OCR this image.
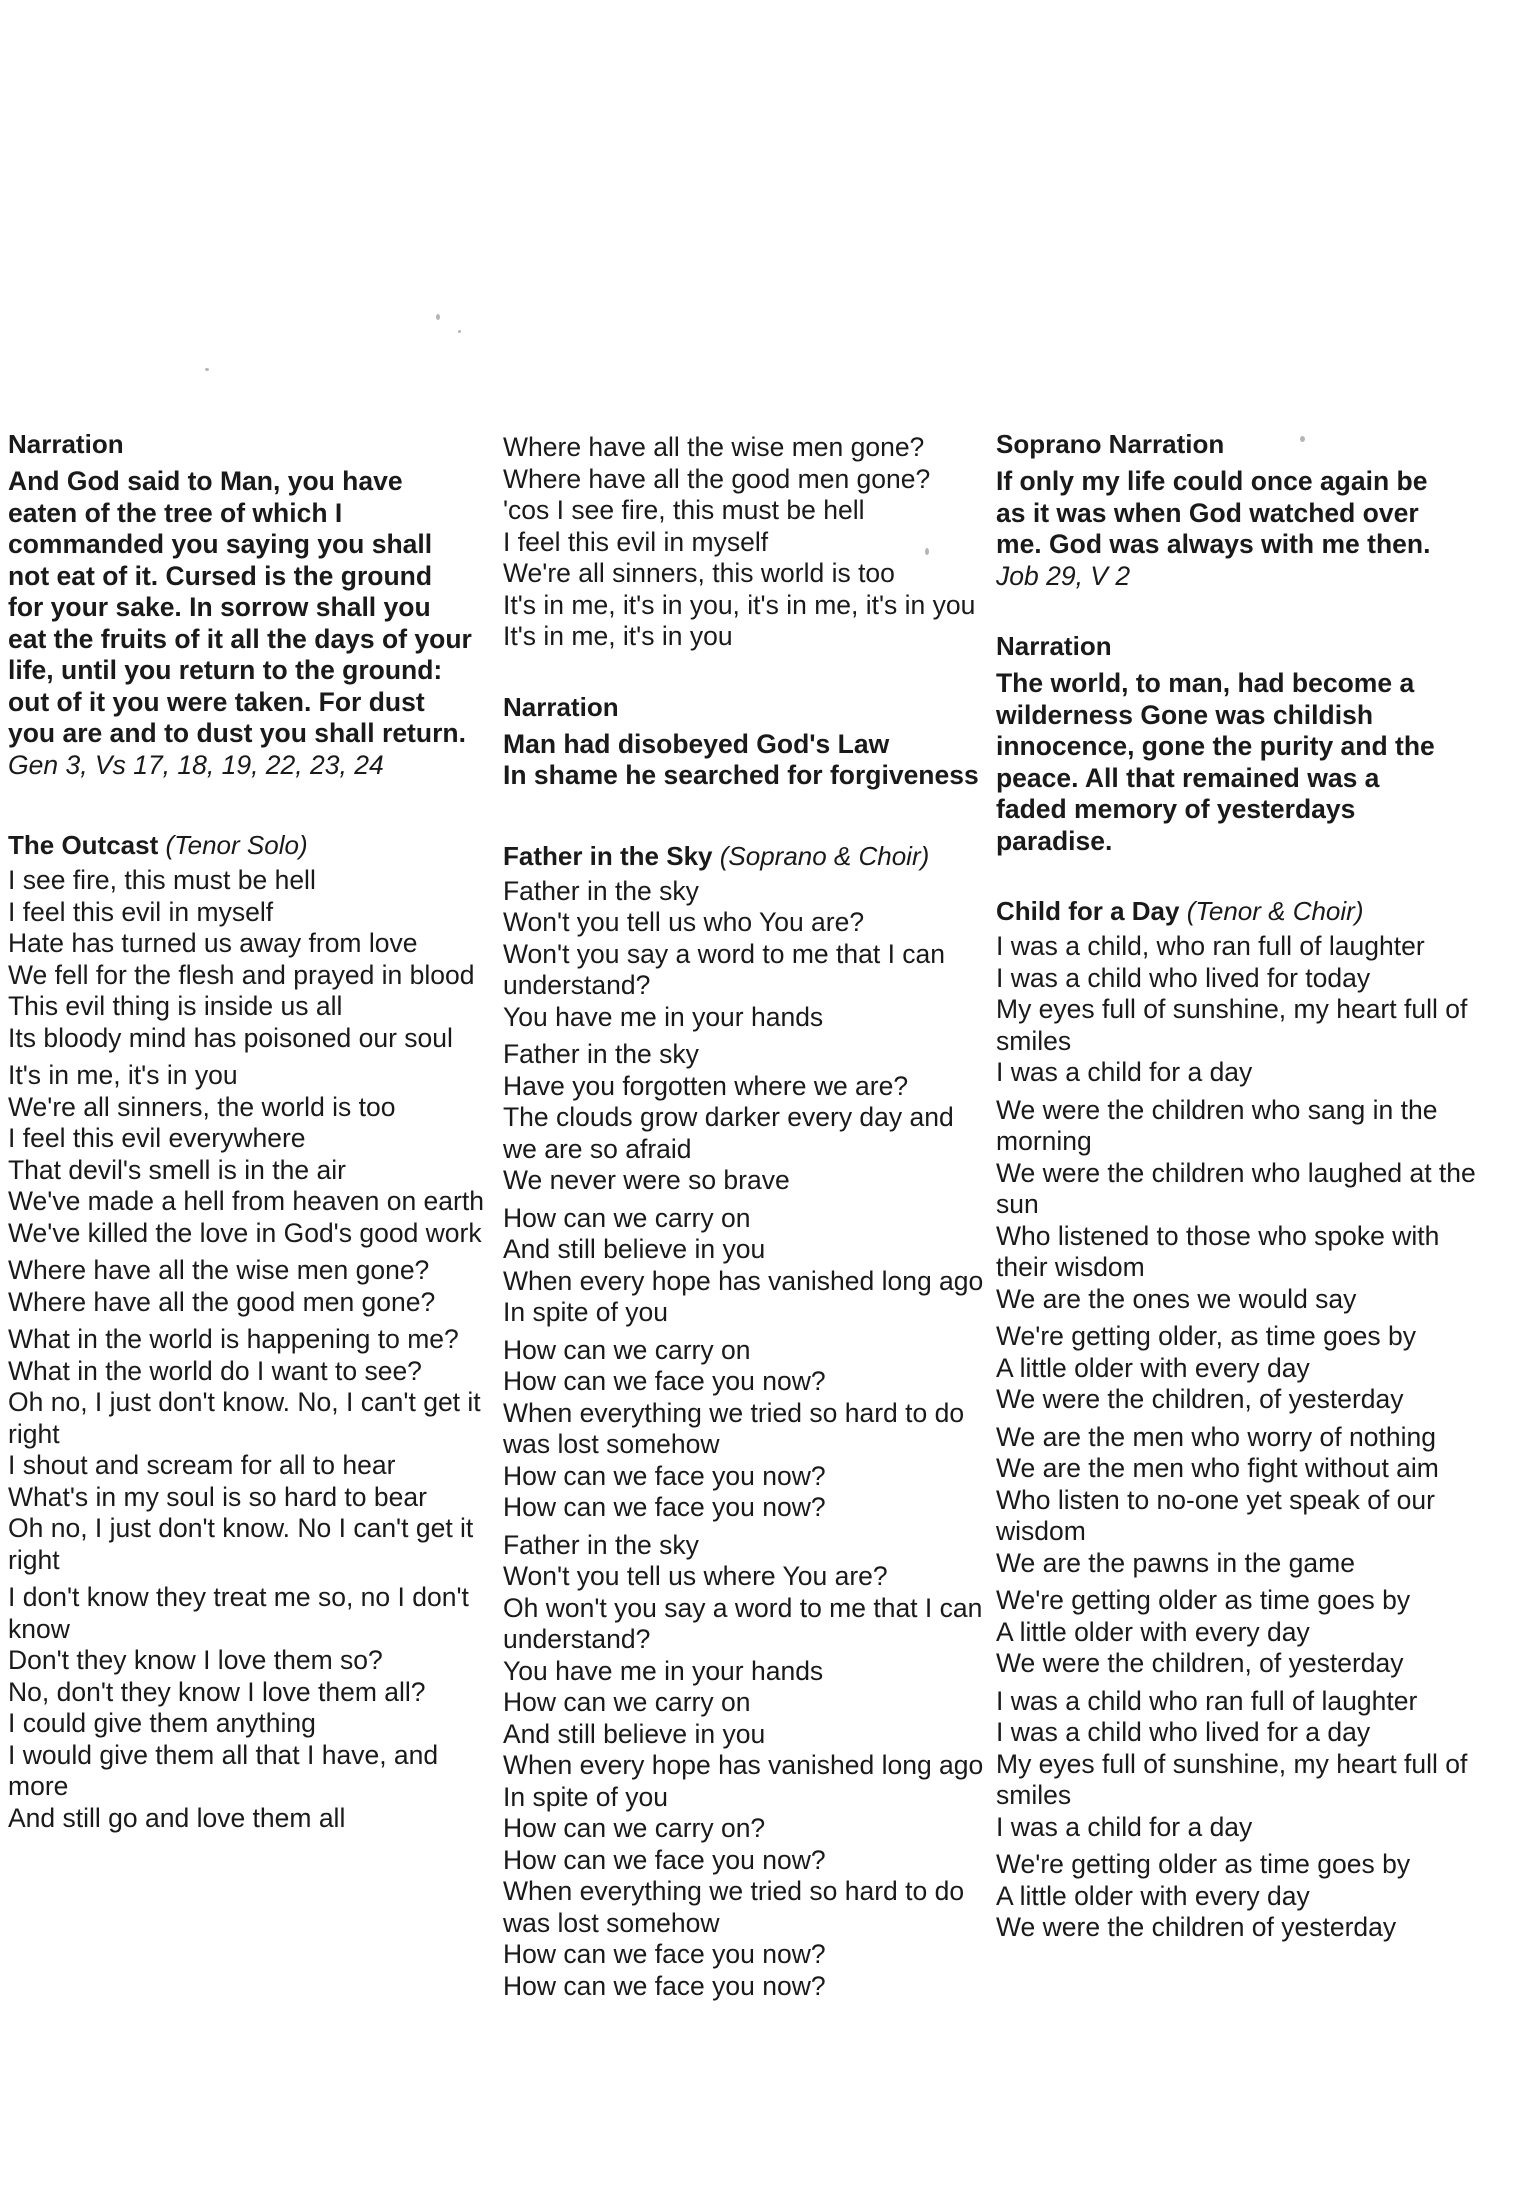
Narration

And God said to Man, you have

eaten of the tree of which I

commanded you saying you shall

not eat of it. Cursed is the ground

for your sake. In sorrow shall you

eat the fruits of it all the days of your

life, until you return to the ground:

out of it you were taken. For dust

you are and to dust you shall return.

Gen 3, Vs 17, 18, 19, 22, 23, 24

The Outcast (Tenor Solo)

I see fire, this must be hell

I feel this evil in myself

Hate has turned us away from love

We fell for the flesh and prayed in blood

This evil thing is inside us all

Its bloody mind has poisoned our soul

It's in me, it's in you

We're all sinners, the world is too

I feel this evil everywhere

That devil's smell is in the air

We've made a hell from heaven on earth

We've killed the love in God's good work

Where have all the wise men gone?

Where have all the good men gone?

What in the world is happening to me?

What in the world do I want to see?

Oh no, I just don't know. No, I can't get it right

I shout and scream for all to hear

What's in my soul is so hard to bear

Oh no, I just don't know. No I can't get it right

I don't know they treat me so, no I don't know

Don't they know I love them so?

No, don't they know I love them all?

I could give them anything

I would give them all that I have, and more

And still go and love them all

Where have all the wise men gone?

Where have all the good men gone?

'cos I see fire, this must be hell

I feel this evil in myself

We're all sinners, this world is too

It's in me, it's in you, it's in me, it's in you

It's in me, it's in you

Narration

Man had disobeyed God's Law

In shame he searched for forgiveness

Father in the Sky (Soprano & Choir)

Father in the sky

Won't you tell us who You are?

Won't you say a word to me that I can understand?

You have me in your hands

Father in the sky

Have you forgotten where we are?

The clouds grow darker every day and we are so afraid

We never were so brave

How can we carry on

And still believe in you

When every hope has vanished long ago

In spite of you

How can we carry on

How can we face you now?

When everything we tried so hard to do was lost somehow

How can we face you now?

How can we face you now?

Father in the sky

Won't you tell us where You are?

Oh won't you say a word to me that I can understand?

You have me in your hands

How can we carry on

And still believe in you

When every hope has vanished long ago

In spite of you

How can we carry on?

How can we face you now?

When everything we tried so hard to do was lost somehow

How can we face you now?

How can we face you now?

Soprano Narration

If only my life could once again be

as it was when God watched over

me. God was always with me then.

Job 29, V 2

Narration

The world, to man, had become a

wilderness Gone was childish

innocence, gone the purity and the

peace. All that remained was a

faded memory of yesterdays

paradise.

Child for a Day (Tenor & Choir)

I was a child, who ran full of laughter

I was a child who lived for today

My eyes full of sunshine, my heart full of smiles

I was a child for a day

We were the children who sang in the morning

We were the children who laughed at the sun

Who listened to those who spoke with their wisdom

We are the ones we would say

We're getting older, as time goes by

A little older with every day

We were the children, of yesterday

We are the men who worry of nothing

We are the men who fight without aim

Who listen to no-one yet speak of our wisdom

We are the pawns in the game

We're getting older as time goes by

A little older with every day

We were the children, of yesterday

I was a child who ran full of laughter

I was a child who lived for a day

My eyes full of sunshine, my heart full of smiles

I was a child for a day

We're getting older as time goes by

A little older with every day

We were the children of yesterday
